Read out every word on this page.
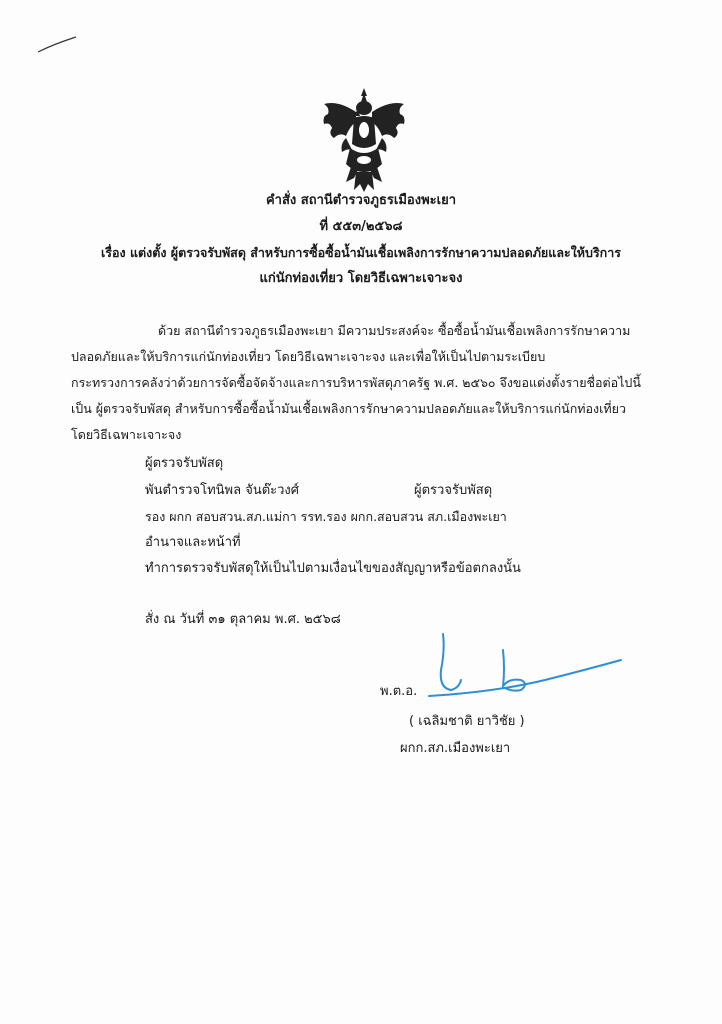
คำสั่ง สถานีตำรวจภูธรเมืองพะเยา
ที่ ๕๕๓/๒๕๖๘
เรื่อง แต่งตั้ง ผู้ตรวจรับพัสดุ สำหรับการซื้อซื้อน้ำมันเชื้อเพลิงการรักษาความปลอดภัยและให้บริการ
แก่นักท่องเที่ยว โดยวิธีเฉพาะเจาะจง
ด้วย สถานีตำรวจภูธรเมืองพะเยา มีความประสงค์จะ ซื้อซื้อน้ำมันเชื้อเพลิงการรักษาความ
ปลอดภัยและให้บริการแก่นักท่องเที่ยว โดยวิธีเฉพาะเจาะจง และเพื่อให้เป็นไปตามระเบียบ
กระทรวงการคลังว่าด้วยการจัดซื้อจัดจ้างและการบริหารพัสดุภาครัฐ พ.ศ. ๒๕๖๐ จึงขอแต่งตั้งรายชื่อต่อไปนี้
เป็น ผู้ตรวจรับพัสดุ สำหรับการซื้อซื้อน้ำมันเชื้อเพลิงการรักษาความปลอดภัยและให้บริการแก่นักท่องเที่ยว
โดยวิธีเฉพาะเจาะจง
ผู้ตรวจรับพัสดุ
พันตำรวจโทนิพล จันต๊ะวงศ์	ผู้ตรวจรับพัสดุ
รอง ผกก สอบสวน.สภ.แม่กา รรท.รอง ผกก.สอบสวน สภ.เมืองพะเยา
อำนาจและหน้าที่
ทำการตรวจรับพัสดุให้เป็นไปตามเงื่อนไขของสัญญาหรือข้อตกลงนั้น
สั่ง ณ วันที่ ๓๑ ตุลาคม พ.ศ. ๒๕๖๘
พ.ต.อ.
( เฉลิมชาติ ยาวิชัย )
ผกก.สภ.เมืองพะเยา
